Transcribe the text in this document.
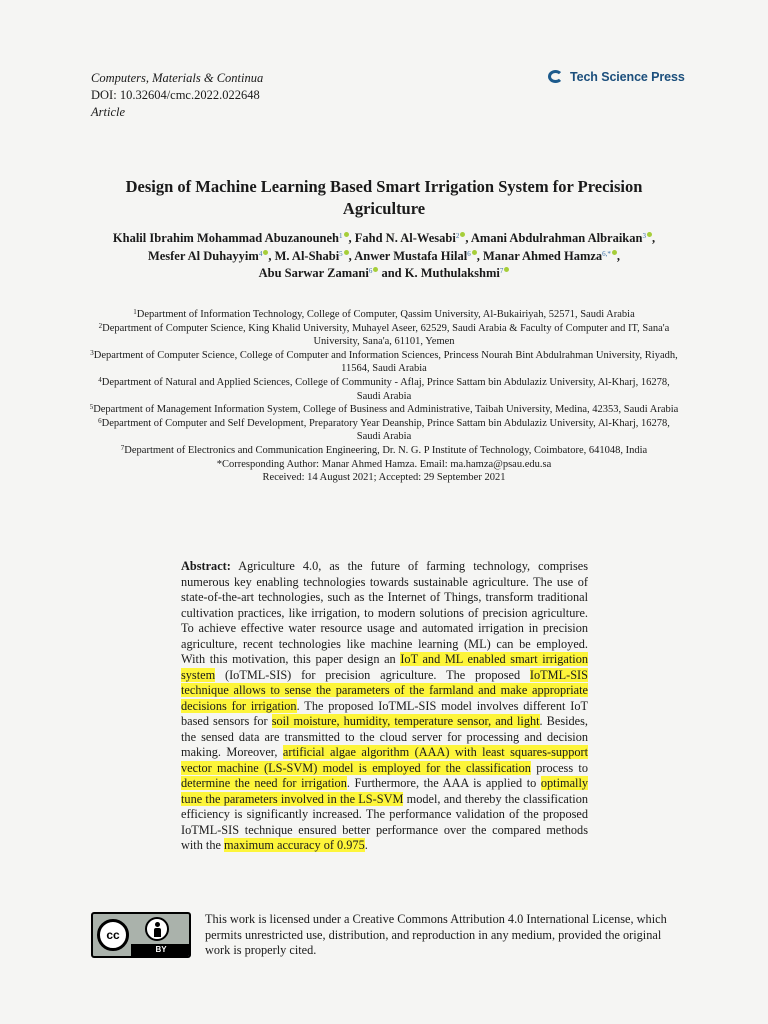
Computers, Materials & Continua
DOI: 10.32604/cmc.2022.022648
Article
Tech Science Press
Design of Machine Learning Based Smart Irrigation System for Precision Agriculture
Khalil Ibrahim Mohammad Abuzanouneh$^1$ , Fahd N. Al-Wesabi$^2$ , Amani Abdulrahman Albraikan$^3$ ,
Mesfer Al Duhayyim$^4$ , M. Al-Shabi$^5$ , Anwer Mustafa Hilal$^6$ , Manar Ahmed Hamza$^{6,*}$ ,
Abu Sarwar Zamani$^6$ and K. Muthulakshmi$^7$
$^1$Department of Information Technology, College of Computer, Qassim University, Al-Bukairiyah, 52571, Saudi Arabia
$^2$Department of Computer Science, King Khalid University, Muhayel Aseer, 62529, Saudi Arabia & Faculty of Computer and IT, Sana'a University, Sana'a, 61101, Yemen
$^3$Department of Computer Science, College of Computer and Information Sciences, Princess Nourah Bint Abdulrahman University, Riyadh, 11564, Saudi Arabia
$^4$Department of Natural and Applied Sciences, College of Community - Aflaj, Prince Sattam bin Abdulaziz University, Al-Kharj, 16278, Saudi Arabia
$^5$Department of Management Information System, College of Business and Administrative, Taibah University, Medina, 42353, Saudi Arabia
$^6$Department of Computer and Self Development, Preparatory Year Deanship, Prince Sattam bin Abdulaziz University, Al-Kharj, 16278, Saudi Arabia
$^7$Department of Electronics and Communication Engineering, Dr. N. G. P Institute of Technology, Coimbatore, 641048, India
*Corresponding Author: Manar Ahmed Hamza. Email: ma.hamza@psau.edu.sa
Received: 14 August 2021; Accepted: 29 September 2021
Abstract: Agriculture 4.0, as the future of farming technology, comprises numerous key enabling technologies towards sustainable agriculture. The use of state-of-the-art technologies, such as the Internet of Things, transform traditional cultivation practices, like irrigation, to modern solutions of precision agriculture. To achieve effective water resource usage and automated irrigation in precision agriculture, recent technologies like machine learning (ML) can be employed. With this motivation, this paper design an IoT and ML enabled smart irrigation system (IoTML-SIS) for precision agriculture. The proposed IoTML-SIS technique allows to sense the parameters of the farmland and make appropriate decisions for irrigation. The proposed IoTML-SIS model involves different IoT based sensors for soil moisture, humidity, temperature sensor, and light. Besides, the sensed data are transmitted to the cloud server for processing and decision making. Moreover, artificial algae algorithm (AAA) with least squares-support vector machine (LS-SVM) model is employed for the classification process to determine the need for irrigation. Furthermore, the AAA is applied to optimally tune the parameters involved in the LS-SVM model, and thereby the classification efficiency is significantly increased. The performance validation of the proposed IoTML-SIS technique ensured better performance over the compared methods with the maximum accuracy of 0.975.
cc
BY
This work is licensed under a Creative Commons Attribution 4.0 International License, which permits unrestricted use, distribution, and reproduction in any medium, provided the original work is properly cited.
